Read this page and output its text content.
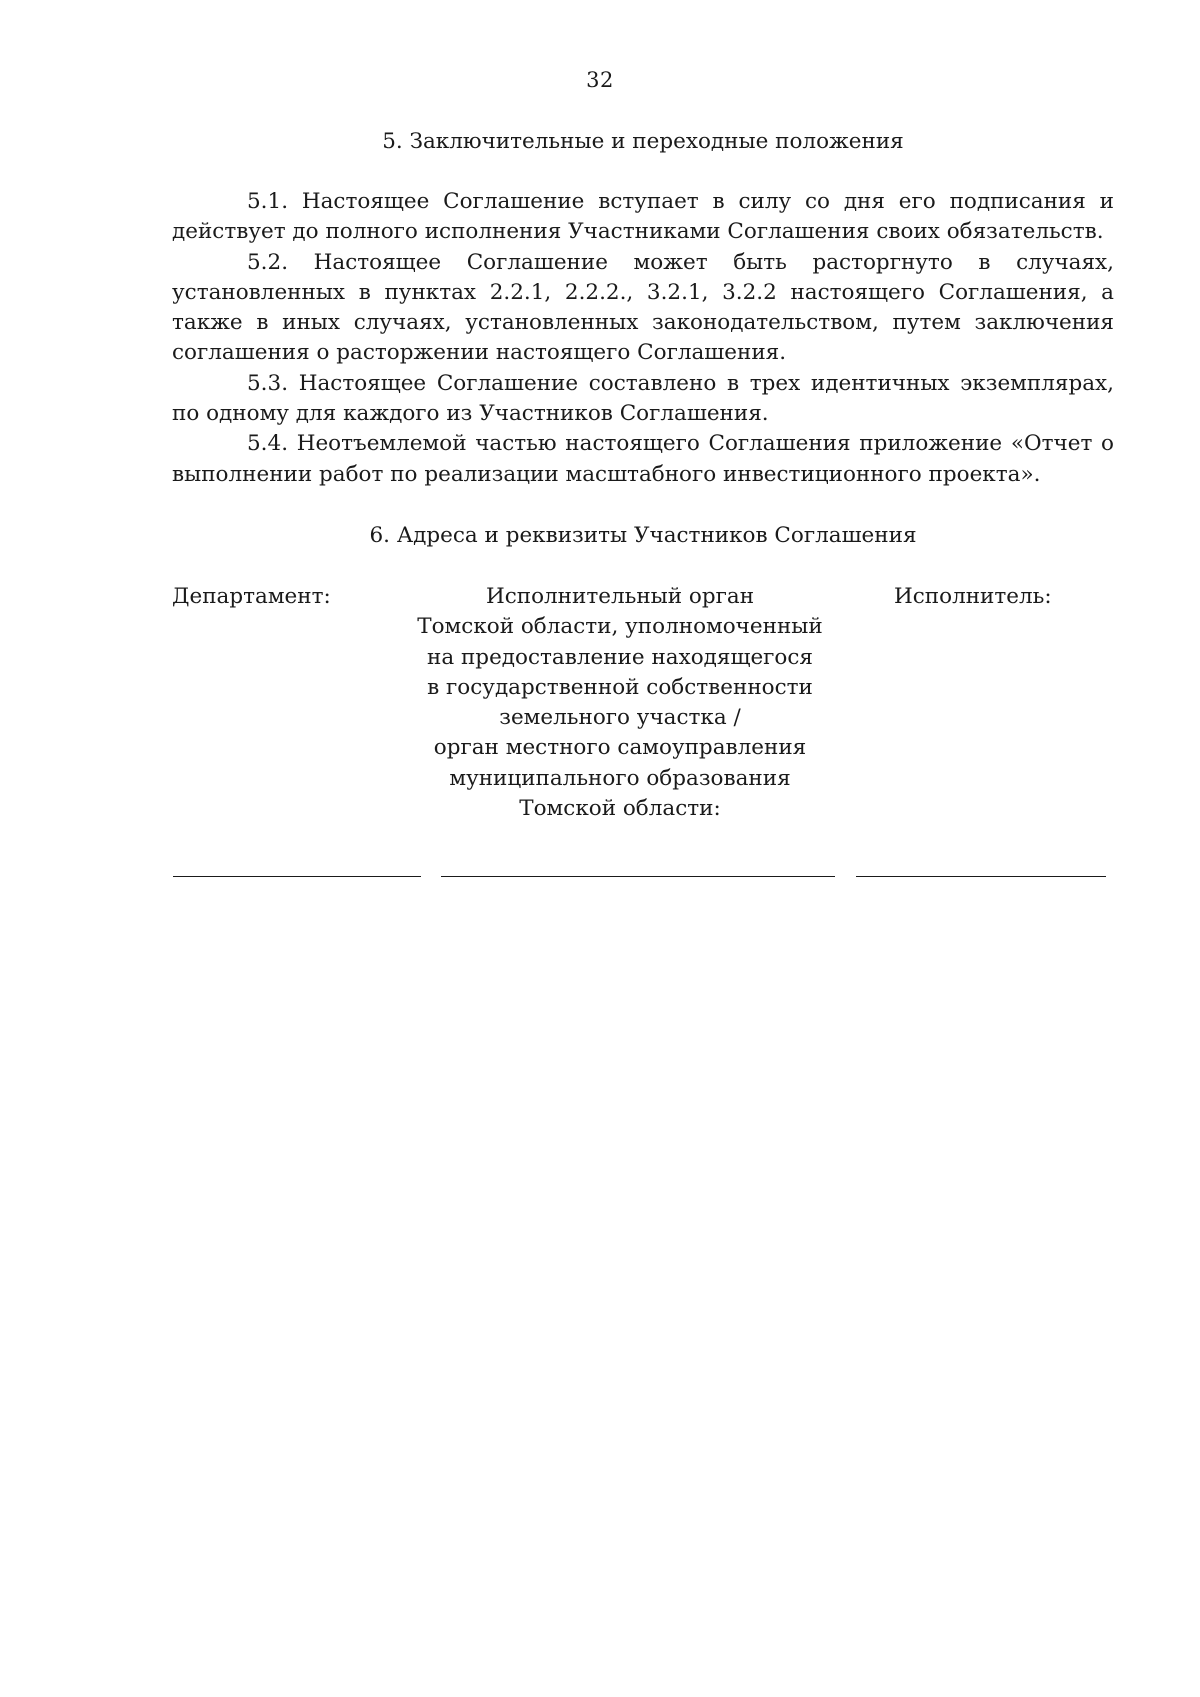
32
5. Заключительные и переходные положения

5.1. Настоящее Соглашение вступает в силу со дня его подписания и действует до полного исполнения Участниками Соглашения своих обязательств.

5.2. Настоящее Соглашение может быть расторгнуто в случаях, установленных в пунктах 2.2.1, 2.2.2., 3.2.1, 3.2.2 настоящего Соглашения, а также в иных случаях, установленных законодательством, путем заключения соглашения о расторжении настоящего Соглашения.

5.3. Настоящее Соглашение составлено в трех идентичных экземплярах, по одному для каждого из Участников Соглашения.

5.4. Неотъемлемой частью настоящего Соглашения приложение «Отчет о выполнении работ по реализации масштабного инвестиционного проекта».

6. Адреса и реквизиты Участников Соглашения
Департамент:	Исполнительный орган
Томской области, уполномоченный
на предоставление находящегося
в государственной собственности
земельного участка /
орган местного самоуправления
муниципального образования
Томской области:
Исполнитель:
